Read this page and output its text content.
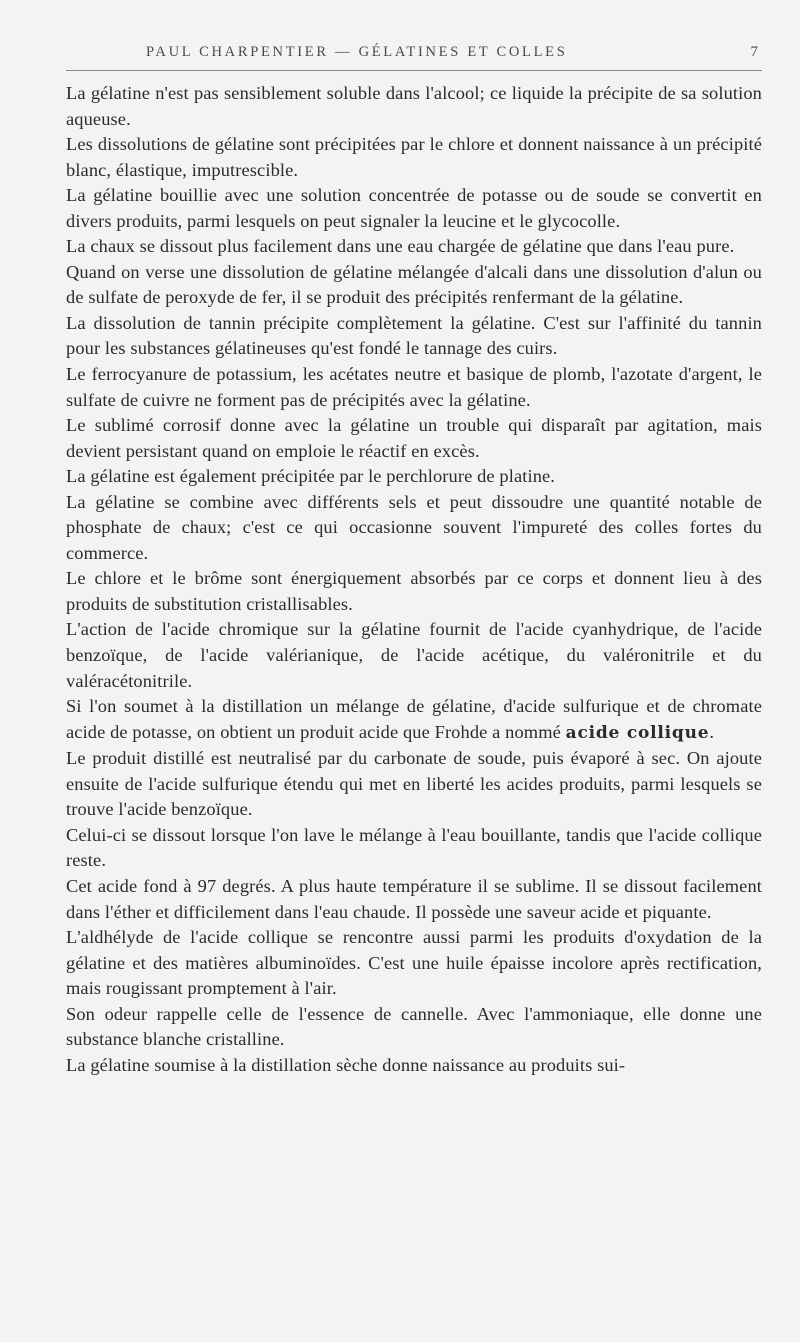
PAUL CHARPENTIER — GÉLATINES ET COLLES	7

La gélatine n'est pas sensiblement soluble dans l'alcool; ce liquide la précipite de sa solution aqueuse.

Les dissolutions de gélatine sont précipitées par le chlore et donnent naissance à un précipité blanc, élastique, imputrescible.

La gélatine bouillie avec une solution concentrée de potasse ou de soude se convertit en divers produits, parmi lesquels on peut signaler la leucine et le glycocolle.

La chaux se dissout plus facilement dans une eau chargée de gélatine que dans l'eau pure.

Quand on verse une dissolution de gélatine mélangée d'alcali dans une dissolution d'alun ou de sulfate de peroxyde de fer, il se produit des précipités renfermant de la gélatine.

La dissolution de tannin précipite complètement la gélatine. C'est sur l'affinité du tannin pour les substances gélatineuses qu'est fondé le tannage des cuirs.

Le ferrocyanure de potassium, les acétates neutre et basique de plomb, l'azotate d'argent, le sulfate de cuivre ne forment pas de précipités avec la gélatine.

Le sublimé corrosif donne avec la gélatine un trouble qui disparaît par agitation, mais devient persistant quand on emploie le réactif en excès.

La gélatine est également précipitée par le perchlorure de platine.

La gélatine se combine avec différents sels et peut dissoudre une quantité notable de phosphate de chaux; c'est ce qui occasionne souvent l'impureté des colles fortes du commerce.

Le chlore et le brôme sont énergiquement absorbés par ce corps et donnent lieu à des produits de substitution cristallisables.

L'action de l'acide chromique sur la gélatine fournit de l'acide cyanhydrique, de l'acide benzoïque, de l'acide valérianique, de l'acide acétique, du valéronitrile et du valéracétonitrile.

Si l'on soumet à la distillation un mélange de gélatine, d'acide sulfurique et de chromate acide de potasse, on obtient un produit acide que Frohde a nommé acide collique.

Le produit distillé est neutralisé par du carbonate de soude, puis évaporé à sec. On ajoute ensuite de l'acide sulfurique étendu qui met en liberté les acides produits, parmi lesquels se trouve l'acide benzoïque.

Celui-ci se dissout lorsque l'on lave le mélange à l'eau bouillante, tandis que l'acide collique reste.

Cet acide fond à 97 degrés. A plus haute température il se sublime. Il se dissout facilement dans l'éther et difficilement dans l'eau chaude. Il possède une saveur acide et piquante.

L'aldhélyde de l'acide collique se rencontre aussi parmi les produits d'oxydation de la gélatine et des matières albuminoïdes. C'est une huile épaisse incolore après rectification, mais rougissant promptement à l'air.

Son odeur rappelle celle de l'essence de cannelle. Avec l'ammoniaque, elle donne une substance blanche cristalline.

La gélatine soumise à la distillation sèche donne naissance au produits sui-
